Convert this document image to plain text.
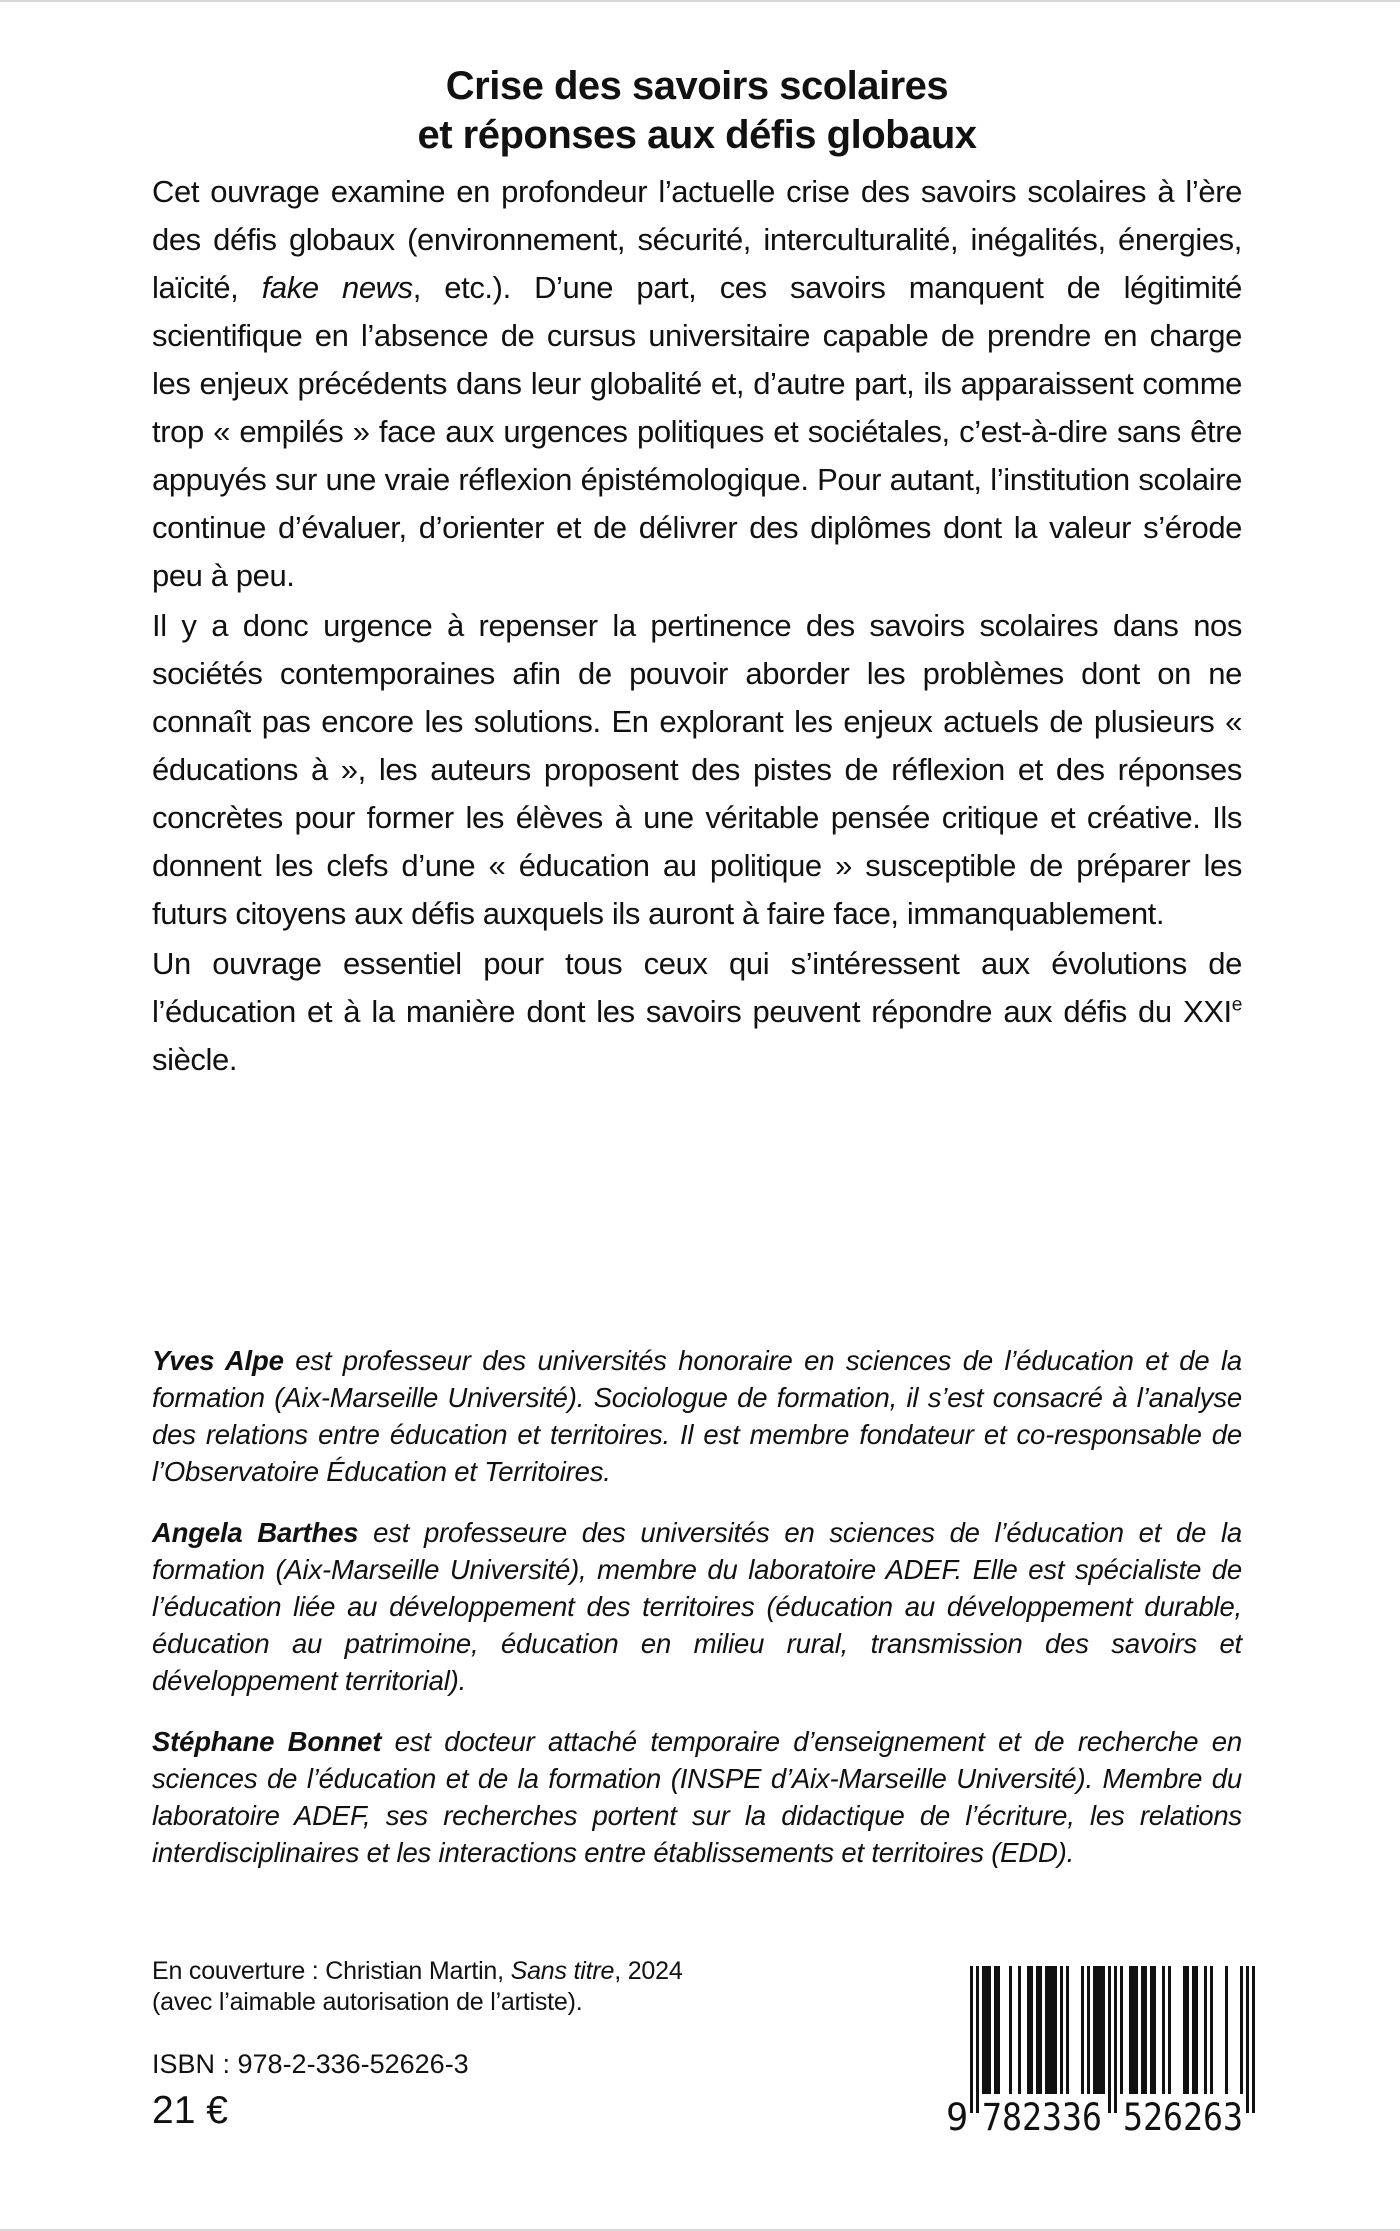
Crise des savoirs scolaires
et réponses aux défis globaux

Cet ouvrage examine en profondeur l’actuelle crise des savoirs scolaires à l’ère des défis globaux (environnement, sécurité, interculturalité, inégalités, énergies, laïcité, fake news, etc.). D’une part, ces savoirs manquent de légitimité scientifique en l’absence de cursus universitaire capable de prendre en charge les enjeux précédents dans leur globalité et, d’autre part, ils apparaissent comme trop « empilés » face aux urgences politiques et sociétales, c’est-à-dire sans être appuyés sur une vraie réflexion épistémologique. Pour autant, l’institution scolaire continue d’évaluer, d’orienter et de délivrer des diplômes dont la valeur s’érode peu à peu.

Il y a donc urgence à repenser la pertinence des savoirs scolaires dans nos sociétés contemporaines afin de pouvoir aborder les problèmes dont on ne connaît pas encore les solutions. En explorant les enjeux actuels de plusieurs « éducations à », les auteurs proposent des pistes de réflexion et des réponses concrètes pour former les élèves à une véritable pensée critique et créative. Ils donnent les clefs d’une « éducation au politique » susceptible de préparer les futurs citoyens aux défis auxquels ils auront à faire face, immanquablement.

Un ouvrage essentiel pour tous ceux qui s’intéressent aux évolutions de l’éducation et à la manière dont les savoirs peuvent répondre aux défis du XXIe siècle.

Yves Alpe est professeur des universités honoraire en sciences de l’éducation et de la formation (Aix-Marseille Université). Sociologue de formation, il s’est consacré à l’analyse des relations entre éducation et territoires. Il est membre fondateur et co-responsable de l’Observatoire Éducation et Territoires.

Angela Barthes est professeure des universités en sciences de l’éducation et de la formation (Aix-Marseille Université), membre du laboratoire ADEF. Elle est spécialiste de l’éducation liée au développement des territoires (éducation au développement durable, éducation au patrimoine, éducation en milieu rural, transmission des savoirs et développement territorial).

Stéphane Bonnet est docteur attaché temporaire d’enseignement et de recherche en sciences de l’éducation et de la formation (INSPE d’Aix-Marseille Université). Membre du laboratoire ADEF, ses recherches portent sur la didactique de l’écriture, les relations interdisciplinaires et les interactions entre établissements et territoires (EDD).

En couverture : Christian Martin, Sans titre, 2024
(avec l’aimable autorisation de l’artiste).
ISBN : 978-2-336-52626-3
21 €	9 782336 526263
